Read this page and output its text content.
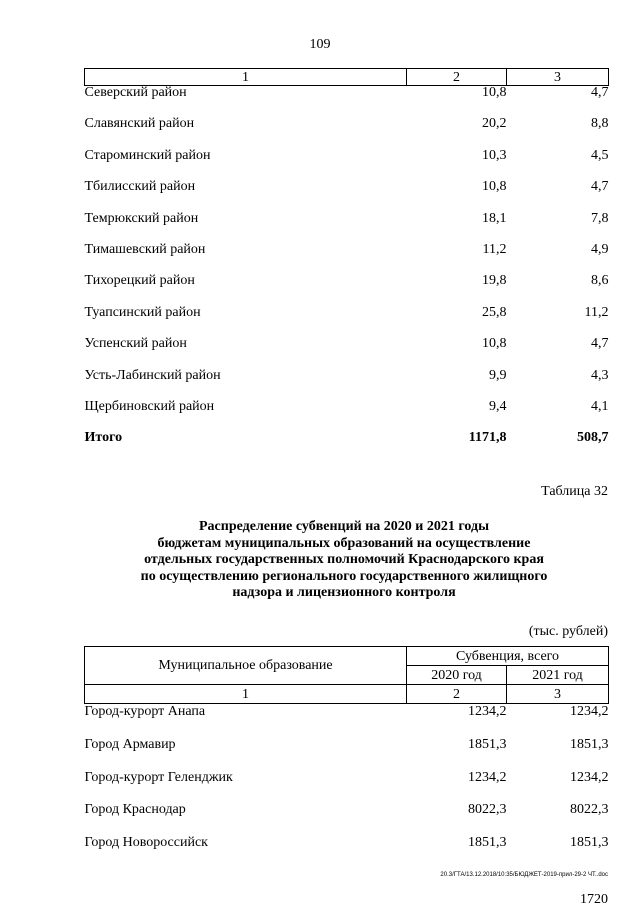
109
1	2	3
Северский район	10,8	4,7
Славянский район	20,2	8,8
Староминский район	10,3	4,5
Тбилисский район	10,8	4,7
Темрюкский район	18,1	7,8
Тимашевский район	11,2	4,9
Тихорецкий район	19,8	8,6
Туапсинский район	25,8	11,2
Успенский район	10,8	4,7
Усть-Лабинский район	9,9	4,3
Щербиновский район	9,4	4,1
Итого	1171,8	508,7
Таблица 32
Распределение субвенций на 2020 и 2021 годы
бюджетам муниципальных образований на осуществление
отдельных государственных полномочий Краснодарского края
по осуществлению регионального государственного жилищного
надзора и лицензионного контроля
(тыс. рублей)
Муниципальное образование	Субвенция, всего	
	2020 год	2021 год
1	2	3
Город-курорт Анапа	1234,2	1234,2
Город Армавир	1851,3	1851,3
Город-курорт Геленджик	1234,2	1234,2
Город Краснодар	8022,3	8022,3
Город Новороссийск	1851,3	1851,3
20.3/ГТА/13.12.2018/10:35/БЮДЖЕТ-2019-прил-29-2 ЧТ..doc
1720
